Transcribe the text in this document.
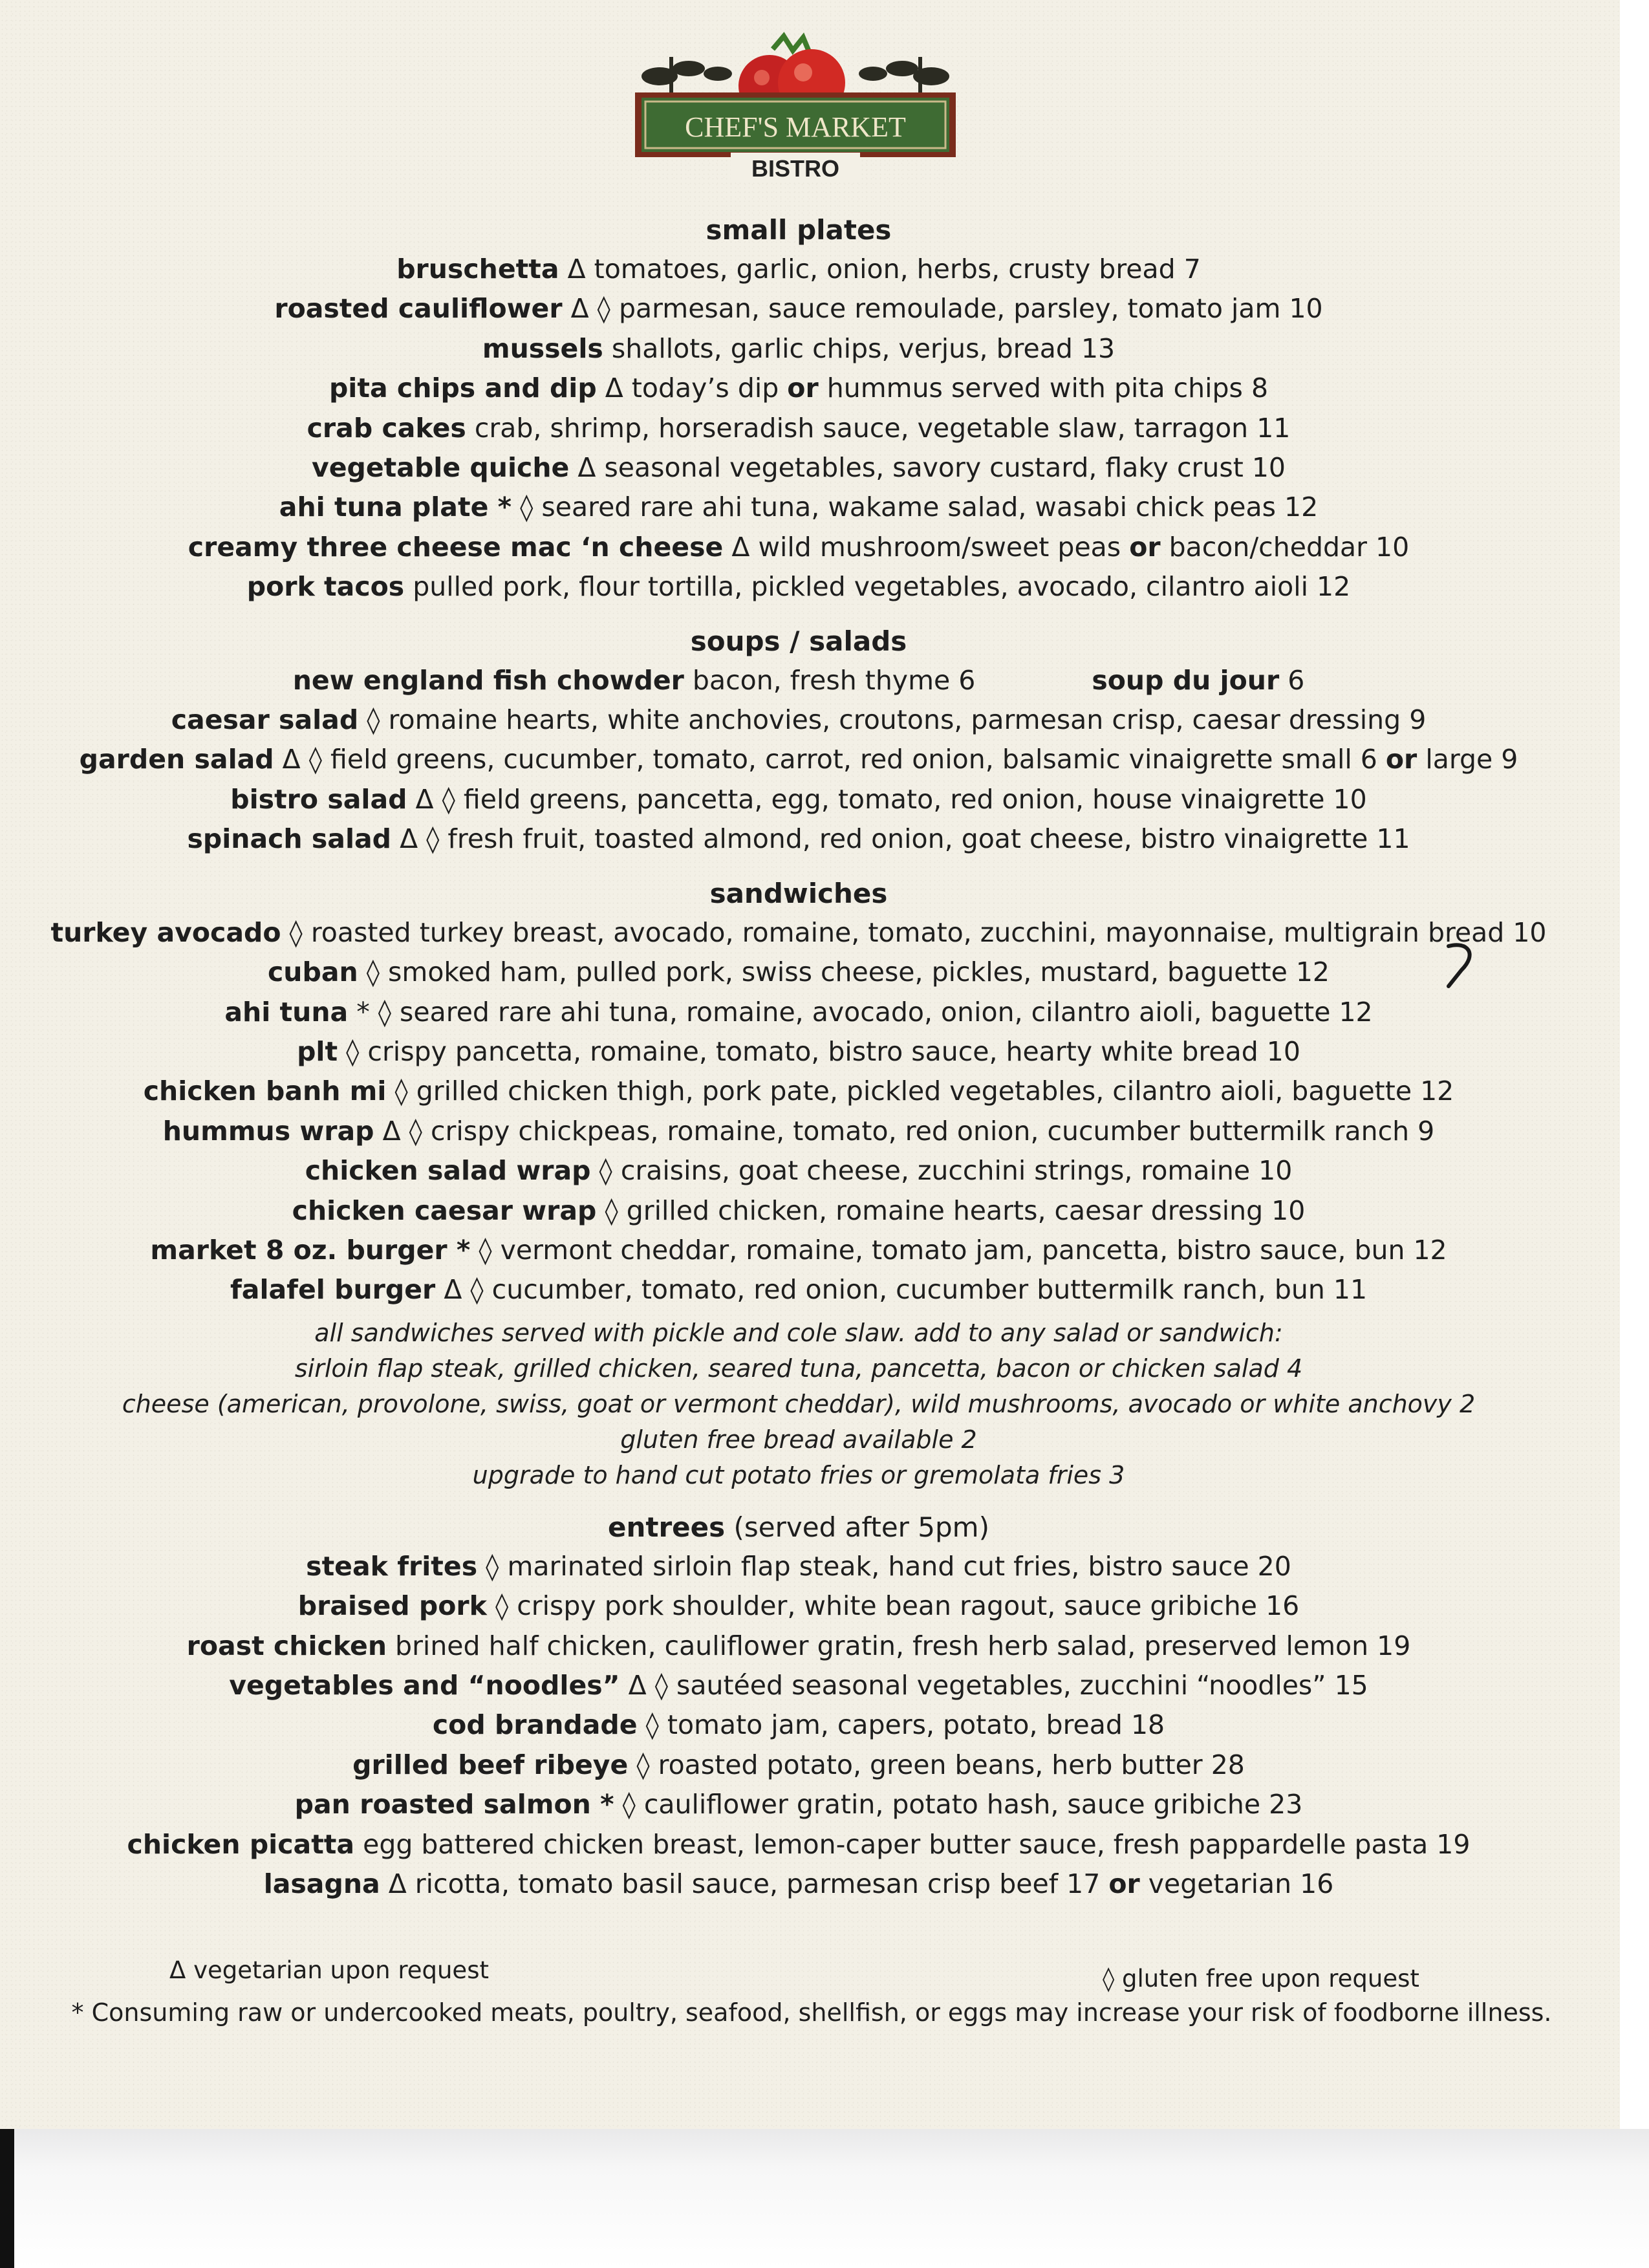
CHEF'S MARKET
BISTRO
small plates
bruschetta Δ tomatoes, garlic, onion, herbs, crusty bread 7
roasted cauliflower Δ ◊ parmesan, sauce remoulade, parsley, tomato jam 10
mussels shallots, garlic chips, verjus, bread 13
pita chips and dip Δ today’s dip or hummus served with pita chips 8
crab cakes crab, shrimp, horseradish sauce, vegetable slaw, tarragon 11
vegetable quiche Δ seasonal vegetables, savory custard, flaky crust 10
ahi tuna plate * ◊ seared rare ahi tuna, wakame salad, wasabi chick peas 12
creamy three cheese mac ‘n cheese Δ wild mushroom/sweet peas or bacon/cheddar 10
pork tacos pulled pork, flour tortilla, pickled vegetables, avocado, cilantro aioli 12
soups / salads
new england fish chowder bacon, fresh thyme 6	soup du jour 6
caesar salad ◊ romaine hearts, white anchovies, croutons, parmesan crisp, caesar dressing 9
garden salad Δ ◊ field greens, cucumber, tomato, carrot, red onion, balsamic vinaigrette small 6 or large 9
bistro salad Δ ◊ field greens, pancetta, egg, tomato, red onion, house vinaigrette 10
spinach salad Δ ◊ fresh fruit, toasted almond, red onion, goat cheese, bistro vinaigrette 11
sandwiches
turkey avocado ◊ roasted turkey breast, avocado, romaine, tomato, zucchini, mayonnaise, multigrain bread 10
cuban ◊ smoked ham, pulled pork, swiss cheese, pickles, mustard, baguette 12
ahi tuna * ◊ seared rare ahi tuna, romaine, avocado, onion, cilantro aioli, baguette 12
plt ◊ crispy pancetta, romaine, tomato, bistro sauce, hearty white bread 10
chicken banh mi ◊ grilled chicken thigh, pork pate, pickled vegetables, cilantro aioli, baguette 12
hummus wrap Δ ◊ crispy chickpeas, romaine, tomato, red onion, cucumber buttermilk ranch 9
chicken salad wrap ◊ craisins, goat cheese, zucchini strings, romaine 10
chicken caesar wrap ◊ grilled chicken, romaine hearts, caesar dressing 10
market 8 oz. burger * ◊ vermont cheddar, romaine, tomato jam, pancetta, bistro sauce, bun 12
falafel burger Δ ◊ cucumber, tomato, red onion, cucumber buttermilk ranch, bun 11
all sandwiches served with pickle and cole slaw. add to any salad or sandwich:
sirloin flap steak, grilled chicken, seared tuna, pancetta, bacon or chicken salad 4
cheese (american, provolone, swiss, goat or vermont cheddar), wild mushrooms, avocado or white anchovy 2
gluten free bread available 2
upgrade to hand cut potato fries or gremolata fries 3
entrees (served after 5pm)
steak frites ◊ marinated sirloin flap steak, hand cut fries, bistro sauce 20
braised pork ◊ crispy pork shoulder, white bean ragout, sauce gribiche 16
roast chicken brined half chicken, cauliflower gratin, fresh herb salad, preserved lemon 19
vegetables and “noodles” Δ ◊ sautéed seasonal vegetables, zucchini “noodles” 15
cod brandade ◊ tomato jam, capers, potato, bread 18
grilled beef ribeye ◊ roasted potato, green beans, herb butter 28
pan roasted salmon * ◊ cauliflower gratin, potato hash, sauce gribiche 23
chicken picatta egg battered chicken breast, lemon-caper butter sauce, fresh pappardelle pasta 19
lasagna Δ ricotta, tomato basil sauce, parmesan crisp beef 17 or vegetarian 16
Δ vegetarian upon request	◊ gluten free upon request
* Consuming raw or undercooked meats, poultry, seafood, shellfish, or eggs may increase your risk of foodborne illness.
